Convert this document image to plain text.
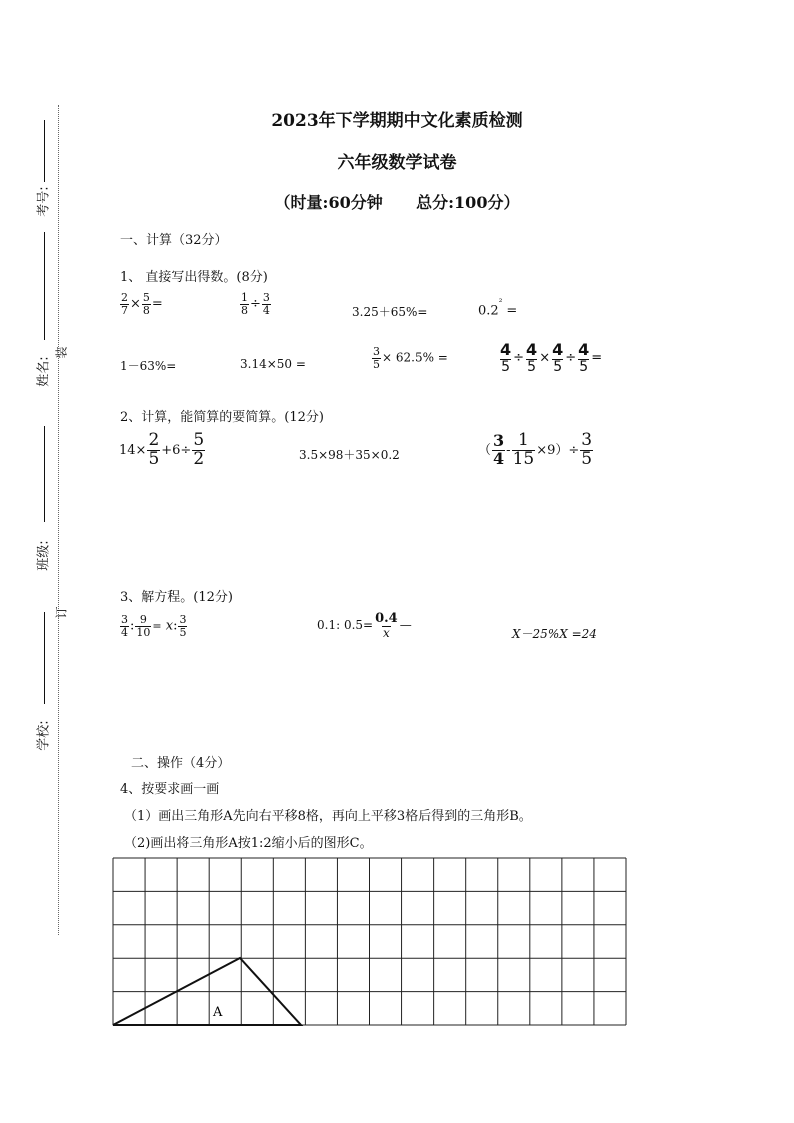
2023年下学期期中文化素质检测
六年级数学试卷
（时量:60分钟      总分:100分）
考号:
姓名:
班级:
学校:
装
订
一、计算（32分）
1、 直接写出得数。(8分)
$\frac{2}{7} \times \frac{5}{8}$ =	$\frac{1}{8} \div \frac{3}{4}$	3.25＋65%=	$0.2^{^2}$ =
1－63%=	3.14×50 =	$\frac{3}{5} \times 62.5\%$ =	$\frac{4}{5} \div \frac{4}{5} \times \frac{4}{5} \div \frac{4}{5}$ =
2、计算，能简算的要简算。(12分)
$14\times \frac{2}{5} +6\div \frac{5}{2}$	3.5×98＋35×0.2	（ $\frac{3}{4} - \frac{1}{15} \times 9)\div \frac{3}{5}$
3、解方程。(12分)
$\frac{3}{4}$ : $\frac{9}{10} = x$: $\frac{3}{5}$	0.1: $0.5= \frac{0.4}{x}$ —
X－25%X =24
二、操作（4分）
4、按要求画一画
（1）画出三角形A先向右平移8格，再向上平移3格后得到的三角形B。
（2)画出将三角形A按1:2缩小后的图形C。
A
